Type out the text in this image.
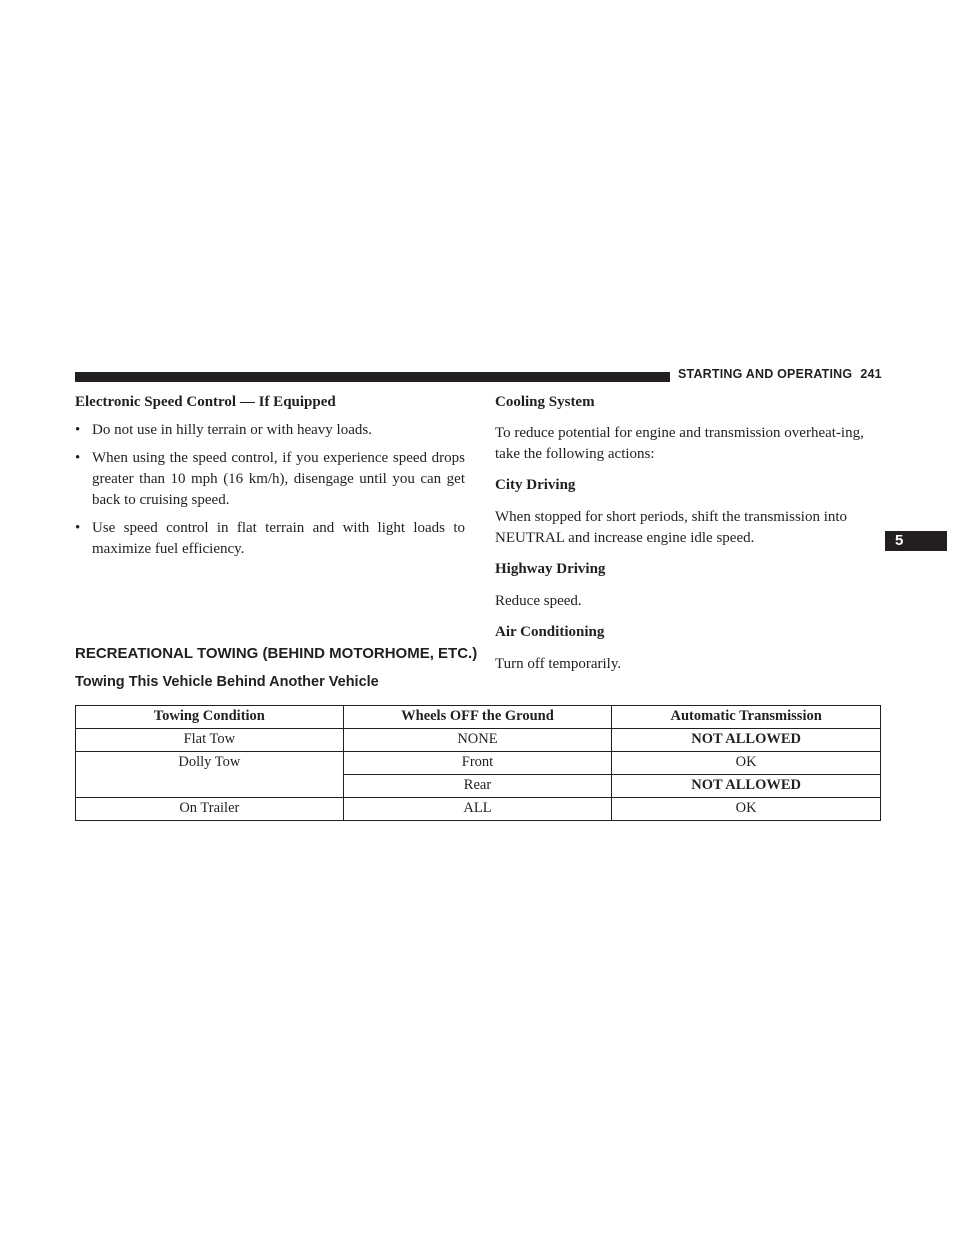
STARTING AND OPERATING 241
5

Electronic Speed Control — If Equipped

• Do not use in hilly terrain or with heavy loads.
• When using the speed control, if you experience speed drops greater than 10 mph (16 km/h), disengage until you can get back to cruising speed.
• Use speed control in flat terrain and with light loads to maximize fuel efficiency.

Cooling System

To reduce potential for engine and transmission overheat-ing, take the following actions:

City Driving

When stopped for short periods, shift the transmission into NEUTRAL and increase engine idle speed.

Highway Driving

Reduce speed.

Air Conditioning

Turn off temporarily.

RECREATIONAL TOWING (BEHIND MOTORHOME, ETC.)
Towing This Vehicle Behind Another Vehicle
Towing Condition	Wheels OFF the Ground	Automatic Transmission
Flat Tow	NONE	NOT ALLOWED
Dolly Tow	Front	OK
	Rear	NOT ALLOWED
On Trailer	ALL	OK
